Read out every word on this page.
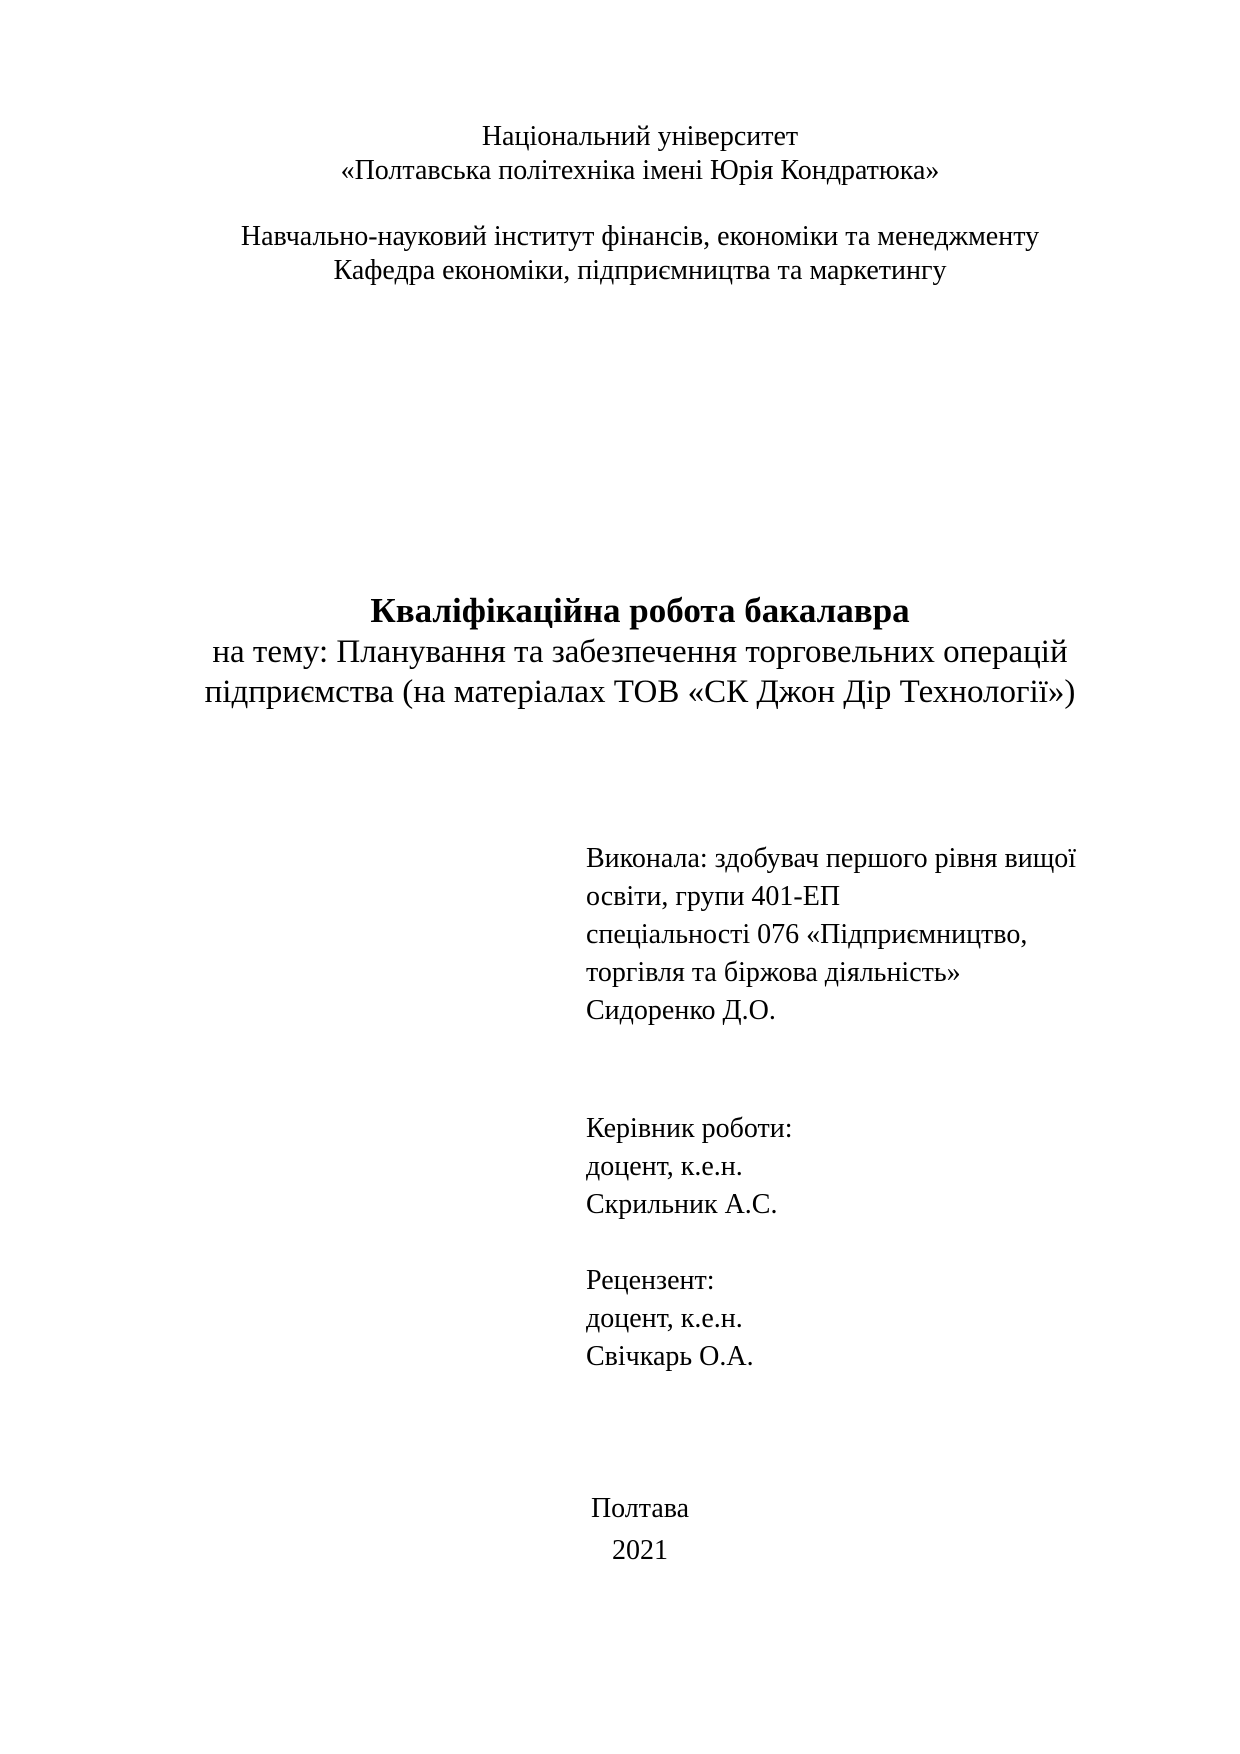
Національний університет
«Полтавська політехніка імені Юрія Кондратюка»
Навчально-науковий інститут фінансів, економіки та менеджменту
Кафедра економіки, підприємництва та маркетингу
Кваліфікаційна робота бакалавра
на тему: Планування та забезпечення торговельних операцій
підприємства (на матеріалах ТОВ «СК Джон Дір Технології»)
Виконала: здобувач першого рівня вищої
освіти, групи 401-ЕП
спеціальності 076 «Підприємництво,
торгівля та біржова діяльність»
Сидоренко Д.О.
Керівник роботи:
доцент, к.е.н.
Скрильник А.С.
Рецензент:
доцент, к.е.н.
Свічкарь О.А.
Полтава
2021
